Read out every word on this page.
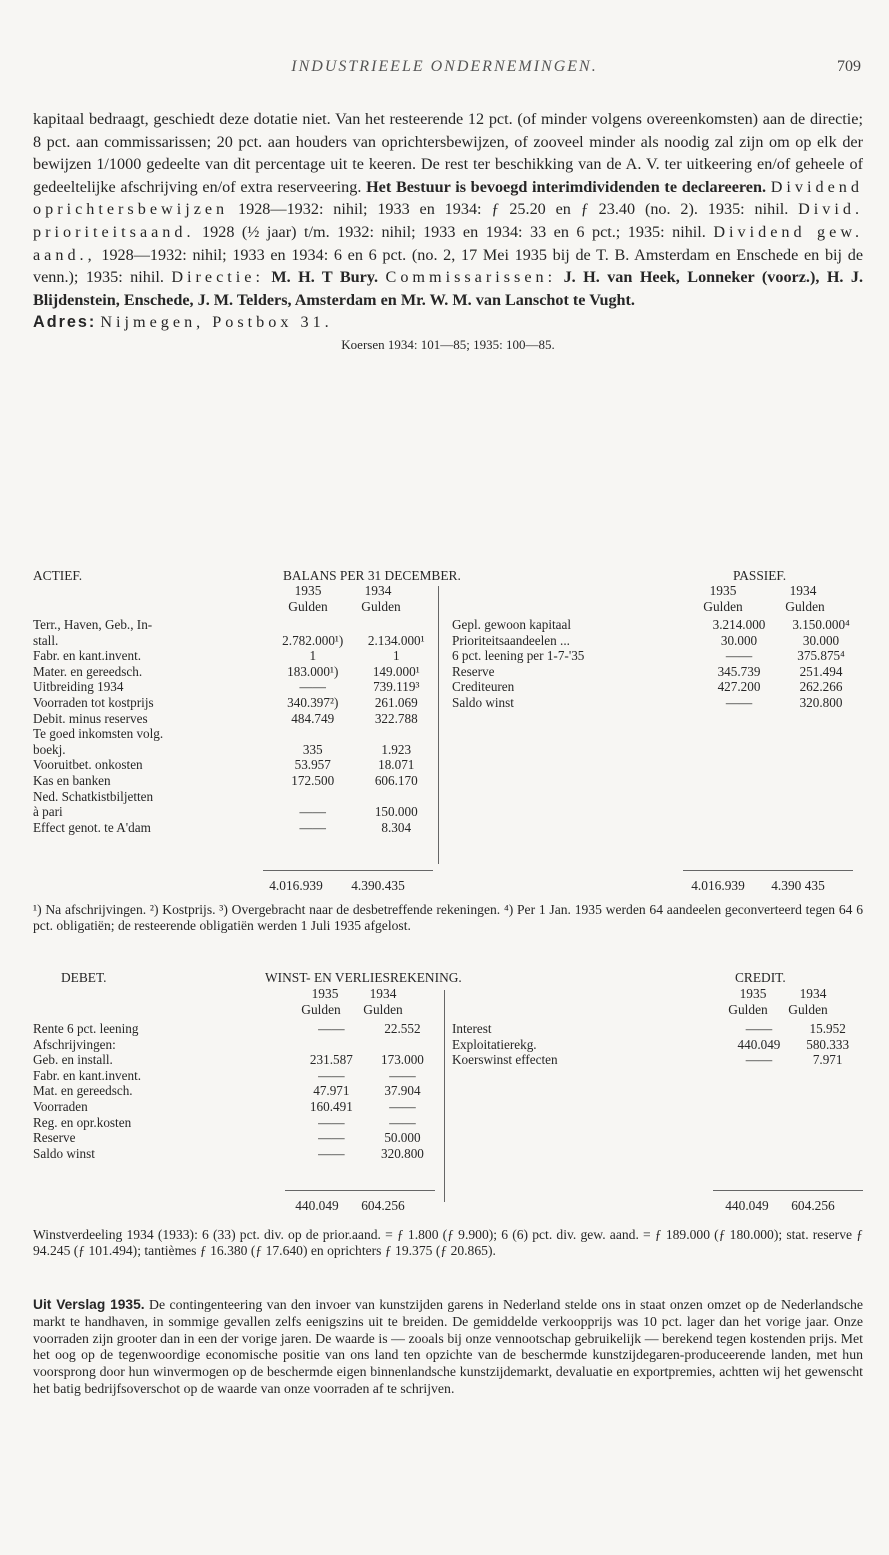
INDUSTRIEELE ONDERNEMINGEN.	709

kapitaal bedraagt, geschiedt deze dotatie niet. Van het resteerende 12 pct. (of minder volgens overeenkomsten) aan de directie; 8 pct. aan commissarissen; 20 pct. aan houders van oprichtersbewijzen, of zooveel minder als noodig zal zijn om op elk der bewijzen 1/1000 gedeelte van dit percentage uit te keeren. De rest ter beschikking van de A. V. ter uitkeering en/of geheele of gedeeltelijke afschrijving en/of extra reserveering. Het Bestuur is bevoegd interimdividenden te declareeren. Dividend oprichtersbewijzen 1928—1932: nihil; 1933 en 1934: ƒ 25.20 en ƒ 23.40 (no. 2). 1935: nihil. Divid. prioriteitsaand. 1928 (½ jaar) t/m. 1932: nihil; 1933 en 1934: 33 en 6 pct.; 1935: nihil. Dividend gew. aand., 1928—1932: nihil; 1933 en 1934: 6 en 6 pct. (no. 2, 17 Mei 1935 bij de T. B. Amsterdam en Enschede en bij de venn.); 1935: nihil. Directie: M. H. T Bury. Commissarissen: J. H. van Heek, Lonneker (voorz.), H. J. Blijdenstein, Enschede, J. M. Telders, Amsterdam en Mr. W. M. van Lanschot te Vught.

Adres: Nijmegen, Postbox 31.

Koersen 1934: 101—85; 1935: 100—85.

ACTIEF.	BALANS PER 31 DECEMBER.	PASSIEF.
1935	1934	1935	1934
Gulden	Gulden	Gulden	Gulden
Terr., Haven, Geb., In-		
stall.	2.782.000¹)	2.134.000¹
Fabr. en kant.invent.	1	1
Mater. en gereedsch.	183.000¹)	149.000¹
Uitbreiding 1934	——	739.119³
Voorraden tot kostprijs	340.397²)	261.069
Debit. minus reserves	484.749	322.788
Te goed inkomsten volg.		
boekj.	335	1.923
Vooruitbet. onkosten	53.957	18.071
Kas en banken	172.500	606.170
Ned. Schatkistbiljetten		
à pari	——	150.000
Effect genot. te A'dam	——	8.304
Gepl. gewoon kapitaal	3.214.000	3.150.000⁴
Prioriteitsaandeelen ...	30.000	30.000
6 pct. leening per 1-7-'35	——	375.875⁴
Reserve	345.739	251.494
Crediteuren	427.200	262.266
Saldo winst	——	320.800
4.016.939	4.390.435	4.016.939	4.390 435
¹) Na afschrijvingen. ²) Kostprijs. ³) Overgebracht naar de desbetreffende rekeningen. ⁴) Per 1 Jan. 1935 werden 64 aandeelen geconverteerd tegen 64 6 pct. obligatiën; de resteerende obligatiën werden 1 Juli 1935 afgelost.
DEBET.	WINST- EN VERLIESREKENING.	CREDIT.
1935	1934	1935	1934
Gulden	Gulden	Gulden	Gulden
Rente 6 pct. leening	——	22.552
Afschrijvingen:		
Geb. en install.	231.587	173.000
Fabr. en kant.invent.	——	——
Mat. en gereedsch.	47.971	37.904
Voorraden	160.491	——
Reg. en opr.kosten	——	——
Reserve	——	50.000
Saldo winst	——	320.800
Interest	——	15.952
Exploitatierekg.	440.049	580.333
Koerswinst effecten	——	7.971
440.049	604.256	440.049	604.256
Winstverdeeling 1934 (1933): 6 (33) pct. div. op de prior.aand. = ƒ 1.800 (ƒ 9.900); 6 (6) pct. div. gew. aand. = ƒ 189.000 (ƒ 180.000); stat. reserve ƒ 94.245 (ƒ 101.494); tantièmes ƒ 16.380 (ƒ 17.640) en oprichters ƒ 19.375 (ƒ 20.865).
Uit Verslag 1935. De contingenteering van den invoer van kunstzijden garens in Nederland stelde ons in staat onzen omzet op de Nederlandsche markt te handhaven, in sommige gevallen zelfs eenigszins uit te breiden. De gemiddelde verkoopprijs was 10 pct. lager dan het vorige jaar. Onze voorraden zijn grooter dan in een der vorige jaren. De waarde is — zooals bij onze vennootschap gebruikelijk — berekend tegen kostenden prijs. Met het oog op de tegenwoordige economische positie van ons land ten opzichte van de beschermde kunstzijdegaren-produceerende landen, met hun voorsprong door hun winvermogen op de beschermde eigen binnenlandsche kunstzijdemarkt, devaluatie en exportpremies, achtten wij het gewenscht het batig bedrijfsoverschot op de waarde van onze voorraden af te schrijven.
